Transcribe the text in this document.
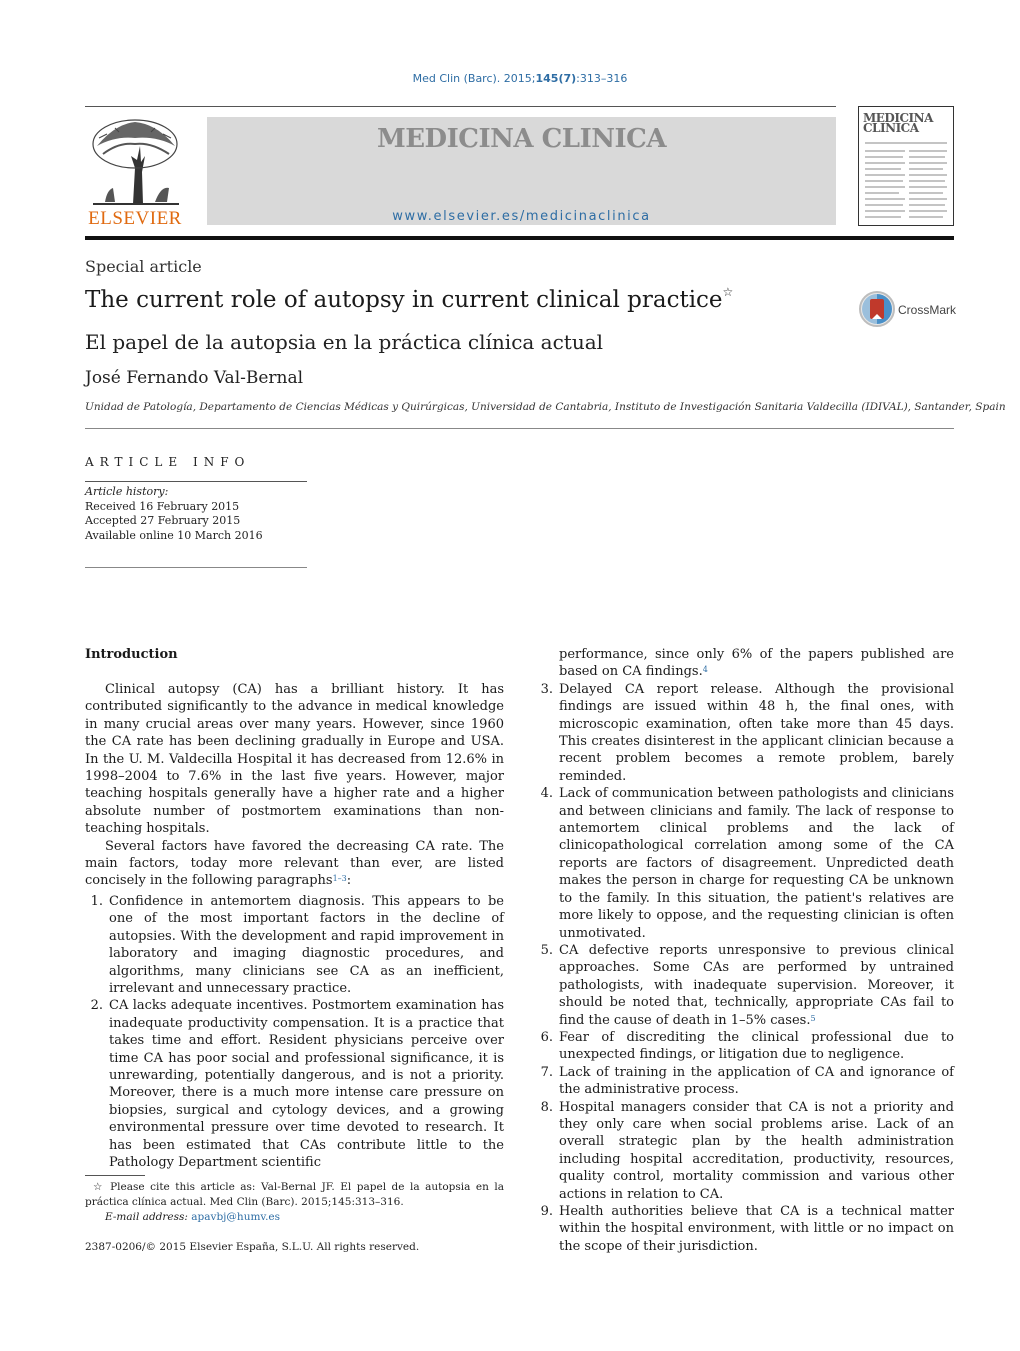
Med Clin (Barc). 2015;145(7):313–316
ELSEVIER
MEDICINA CLINICA
www.elsevier.es/medicinaclinica
MEDICINA CLINICA
Special article
The current role of autopsy in current clinical practice☆
CrossMark
El papel de la autopsia en la práctica clínica actual
José Fernando Val-Bernal
Unidad de Patología, Departamento de Ciencias Médicas y Quirúrgicas, Universidad de Cantabria, Instituto de Investigación Sanitaria Valdecilla (IDIVAL), Santander, Spain
ARTICLE INFO
Article history:
Received 16 February 2015
Accepted 27 February 2015
Available online 10 March 2016
Introduction

Clinical autopsy (CA) has a brilliant history. It has contributed significantly to the advance in medical knowledge in many crucial areas over many years. However, since 1960 the CA rate has been declining gradually in Europe and USA. In the U. M. Valdecilla Hospital it has decreased from 12.6% in 1998–2004 to 7.6% in the last five years. However, major teaching hospitals generally have a higher rate and a higher absolute number of postmortem examinations than non-teaching hospitals.

Several factors have favored the decreasing CA rate. The main factors, today more relevant than ever, are listed concisely in the following paragraphs$^{1-3}$:

1. Confidence in antemortem diagnosis. This appears to be one of the most important factors in the decline of autopsies. With the development and rapid improvement in laboratory and imaging diagnostic procedures, and algorithms, many clinicians see CA as an inefficient, irrelevant and unnecessary practice.
2. CA lacks adequate incentives. Postmortem examination has inadequate productivity compensation. It is a practice that takes time and effort. Resident physicians perceive over time CA has poor social and professional significance, it is unrewarding, potentially dangerous, and is not a priority. Moreover, there is a much more intense care pressure on biopsies, surgical and cytology devices, and a growing environmental pressure over time devoted to research. It has been estimated that CAs contribute little to the Pathology Department scientific
performance, since only 6% of the papers published are based on CA findings.$^4$
3. Delayed CA report release. Although the provisional findings are issued within 48 h, the final ones, with microscopic examination, often take more than 45 days. This creates disinterest in the applicant clinician because a recent problem becomes a remote problem, barely reminded.
4. Lack of communication between pathologists and clinicians and between clinicians and family. The lack of response to antemortem clinical problems and the lack of clinicopathological correlation among some of the CA reports are factors of disagreement. Unpredicted death makes the person in charge for requesting CA be unknown to the family. In this situation, the patient's relatives are more likely to oppose, and the requesting clinician is often unmotivated.
5. CA defective reports unresponsive to previous clinical approaches. Some CAs are performed by untrained pathologists, with inadequate supervision. Moreover, it should be noted that, technically, appropriate CAs fail to find the cause of death in 1–5% cases.$^5$
6. Fear of discrediting the clinical professional due to unexpected findings, or litigation due to negligence.
7. Lack of training in the application of CA and ignorance of the administrative process.
8. Hospital managers consider that CA is not a priority and they only care when social problems arise. Lack of an overall strategic plan by the health administration including hospital accreditation, productivity, resources, quality control, mortality commission and various other actions in relation to CA.
9. Health authorities believe that CA is a technical matter within the hospital environment, with little or no impact on the scope of their jurisdiction.
☆ Please cite this article as: Val-Bernal JF. El papel de la autopsia en la práctica clínica actual. Med Clin (Barc). 2015;145:313–316.
E-mail address: apavbj@humv.es
2387-0206/© 2015 Elsevier España, S.L.U. All rights reserved.
